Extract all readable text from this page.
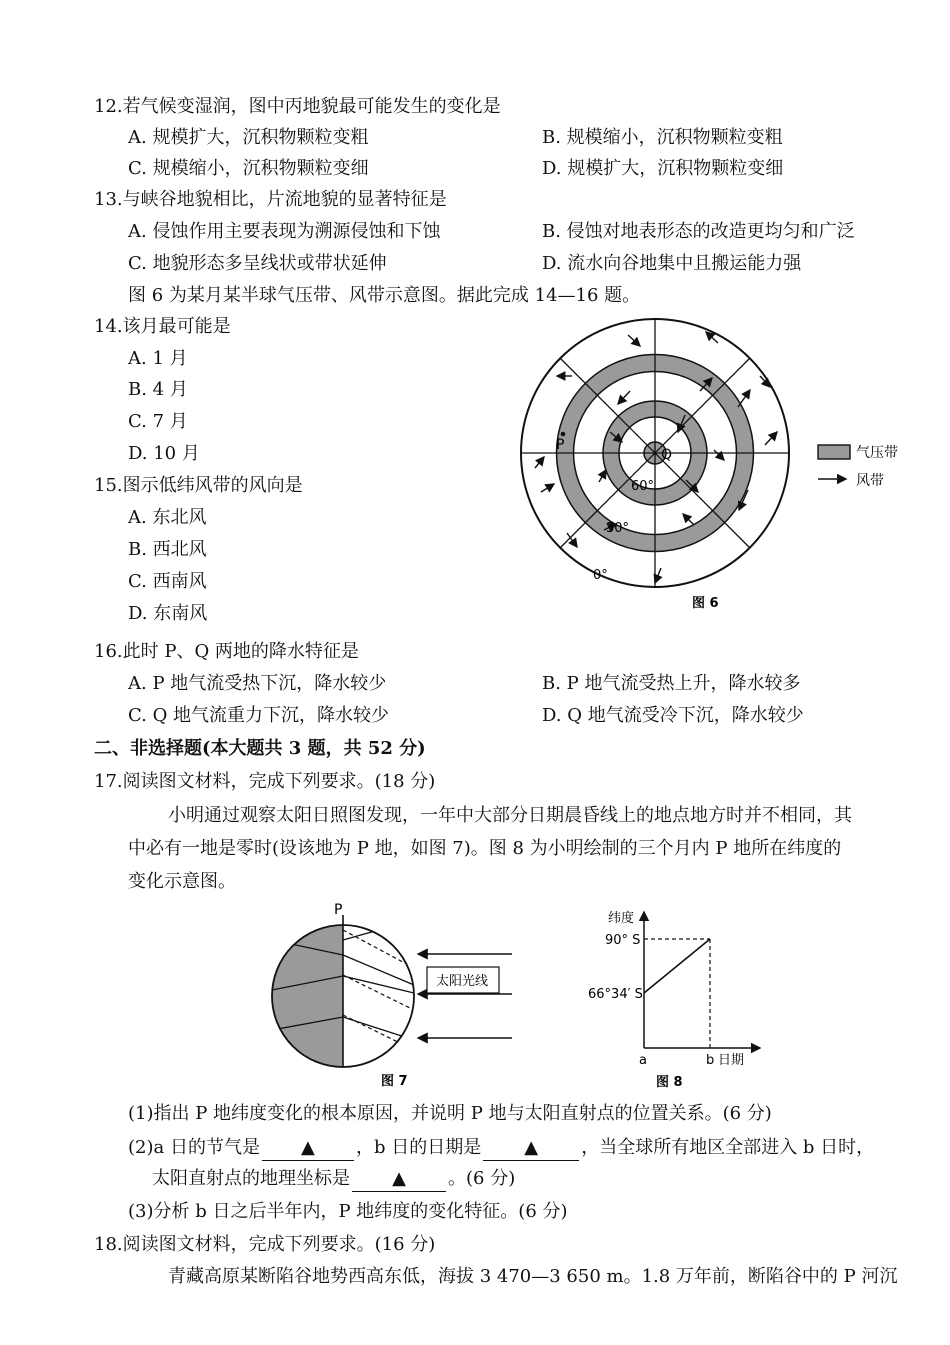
12.若气候变湿润，图中丙地貌最可能发生的变化是
A. 规模扩大，沉积物颗粒变粗	B. 规模缩小，沉积物颗粒变粗
C. 规模缩小，沉积物颗粒变细	D. 规模扩大，沉积物颗粒变细
13.与峡谷地貌相比，片流地貌的显著特征是
A. 侵蚀作用主要表现为溯源侵蚀和下蚀	B. 侵蚀对地表形态的改造更均匀和广泛
C. 地貌形态多呈线状或带状延伸	D. 流水向谷地集中且搬运能力强
图 6 为某月某半球气压带、风带示意图。据此完成 14—16 题。
14.该月最可能是
A. 1 月
B. 4 月
C. 7 月
D. 10 月
15.图示低纬风带的风向是
A. 东北风
B. 西北风
C. 西南风
D. 东南风
P
Q
60°
30°
0°
气压带
风带
图 6
16.此时 P、Q 两地的降水特征是
A. P 地气流受热下沉，降水较少	B. P 地气流受热上升，降水较多
C. Q 地气流重力下沉，降水较少	D. Q 地气流受冷下沉，降水较少
二、非选择题(本大题共 3 题，共 52 分)
17.阅读图文材料，完成下列要求。(18 分)
小明通过观察太阳日照图发现，一年中大部分日期晨昏线上的地点地方时并不相同，其
中必有一地是零时(设该地为 P 地，如图 7)。图 8 为小明绘制的三个月内 P 地所在纬度的
变化示意图。
P
太阳光线
图 7
纬度
90° S
66°34′ S
a	b 日期
图 8
(1)指出 P 地纬度变化的根本原因，并说明 P 地与太阳直射点的位置关系。(6 分)
(2)a 日的节气是 ▲ ，b 日的日期是 ▲ ，当全球所有地区全部进入 b 日时，
太阳直射点的地理坐标是 ▲ 。(6 分)
(3)分析 b 日之后半年内，P 地纬度的变化特征。(6 分)
18.阅读图文材料，完成下列要求。(16 分)
青藏高原某断陷谷地势西高东低，海拔 3 470—3 650 m。1.8 万年前，断陷谷中的 P 河沉
